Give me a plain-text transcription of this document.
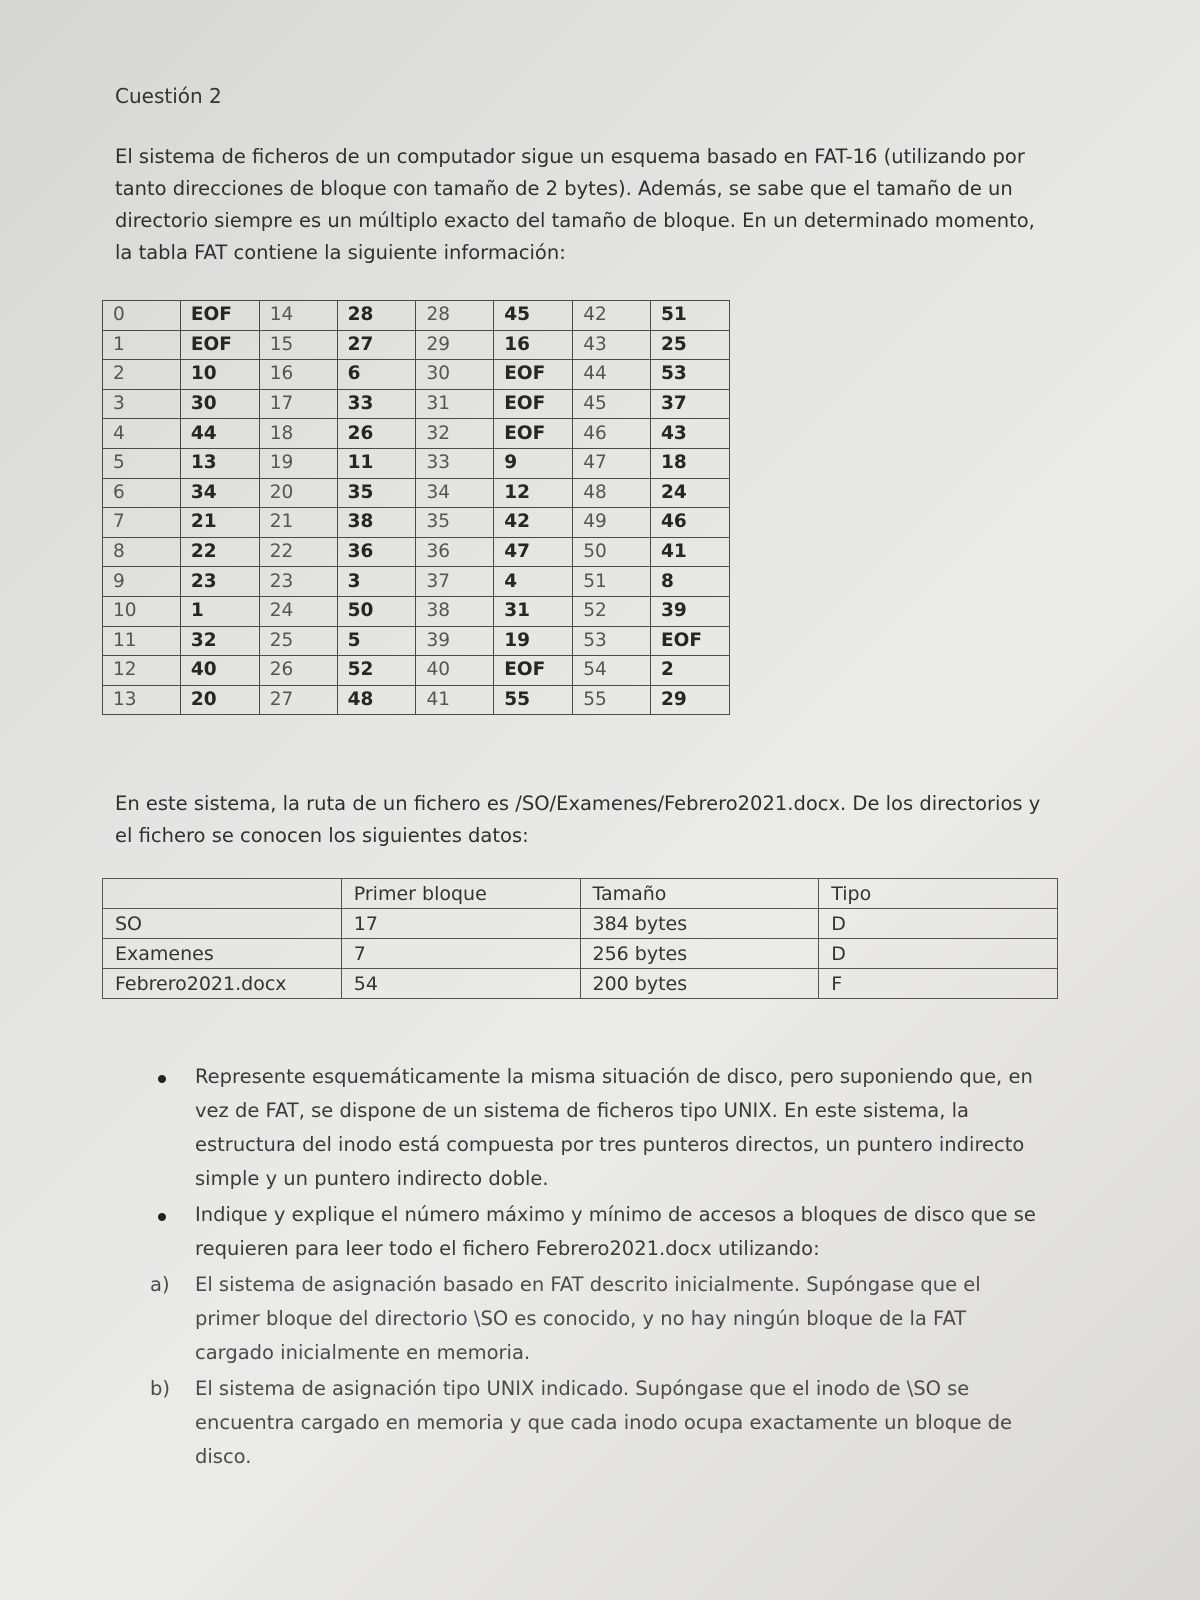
Cuestión 2

El sistema de ficheros de un computador sigue un esquema basado en FAT-16 (utilizando por tanto direcciones de bloque con tamaño de 2 bytes). Además, se sabe que el tamaño de un directorio siempre es un múltiplo exacto del tamaño de bloque. En un determinado momento, la tabla FAT contiene la siguiente información:

0	EOF	14	28	28	45	42	51
1	EOF	15	27	29	16	43	25
2	10	16	6	30	EOF	44	53
3	30	17	33	31	EOF	45	37
4	44	18	26	32	EOF	46	43
5	13	19	11	33	9	47	18
6	34	20	35	34	12	48	24
7	21	21	38	35	42	49	46
8	22	22	36	36	47	50	41
9	23	23	3	37	4	51	8
10	1	24	50	38	31	52	39
11	32	25	5	39	19	53	EOF
12	40	26	52	40	EOF	54	2
13	20	27	48	41	55	55	29

En este sistema, la ruta de un fichero es /SO/Examenes/Febrero2021.docx. De los directorios y el fichero se conocen los siguientes datos:

	Primer bloque	Tamaño	Tipo
SO	17	384 bytes	D
Examenes	7	256 bytes	D
Febrero2021.docx	54	200 bytes	F
Represente esquemáticamente la misma situación de disco, pero suponiendo que, en vez de FAT, se dispone de un sistema de ficheros tipo UNIX. En este sistema, la estructura del inodo está compuesta por tres punteros directos, un puntero indirecto simple y un puntero indirecto doble.
Indique y explique el número máximo y mínimo de accesos a bloques de disco que se requieren para leer todo el fichero Febrero2021.docx utilizando:
a)	El sistema de asignación basado en FAT descrito inicialmente. Supóngase que el primer bloque del directorio \SO es conocido, y no hay ningún bloque de la FAT cargado inicialmente en memoria.
b)	El sistema de asignación tipo UNIX indicado. Supóngase que el inodo de \SO se encuentra cargado en memoria y que cada inodo ocupa exactamente un bloque de disco.
